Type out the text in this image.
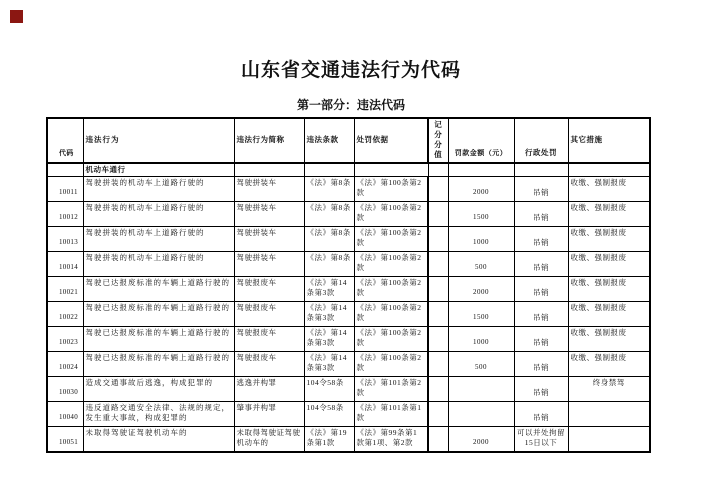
山东省交通违法行为代码
第一部分：违法代码
代码	违法行为	违法行为简称	违法条款	处罚依据	记分分值	罚款金额（元）	行政处罚	其它措施
	机动车通行							
10011	驾驶拼装的机动车上道路行驶的	驾驶拼装车	《法》第8条	《法》第100条第2款		2000	吊销	收缴、强制报废
10012	驾驶拼装的机动车上道路行驶的	驾驶拼装车	《法》第8条	《法》第100条第2款		1500	吊销	收缴、强制报废
10013	驾驶拼装的机动车上道路行驶的	驾驶拼装车	《法》第8条	《法》第100条第2款		1000	吊销	收缴、强制报废
10014	驾驶拼装的机动车上道路行驶的	驾驶拼装车	《法》第8条	《法》第100条第2款		500	吊销	收缴、强制报废
10021	驾驶已达报废标准的车辆上道路行驶的	驾驶报废车	《法》第14条第3款	《法》第100条第2款		2000	吊销	收缴、强制报废
10022	驾驶已达报废标准的车辆上道路行驶的	驾驶报废车	《法》第14条第3款	《法》第100条第2款		1500	吊销	收缴、强制报废
10023	驾驶已达报废标准的车辆上道路行驶的	驾驶报废车	《法》第14条第3款	《法》第100条第2款		1000	吊销	收缴、强制报废
10024	驾驶已达报废标准的车辆上道路行驶的	驾驶报废车	《法》第14条第3款	《法》第100条第2款		500	吊销	收缴、强制报废
10030	造成交通事故后逃逸，构成犯罪的	逃逸并构罪	104令58条	《法》第101条第2款			吊销	终身禁驾
10040	违反道路交通安全法律、法规的规定，发生重大事故，构成犯罪的	肇事并构罪	104令58条	《法》第101条第1款			吊销	
10051	未取得驾驶证驾驶机动车的	未取得驾驶证驾驶机动车的	《法》第19条第1款	《法》第99条第1款第1项、第2款		2000	可以并处拘留15日以下	
